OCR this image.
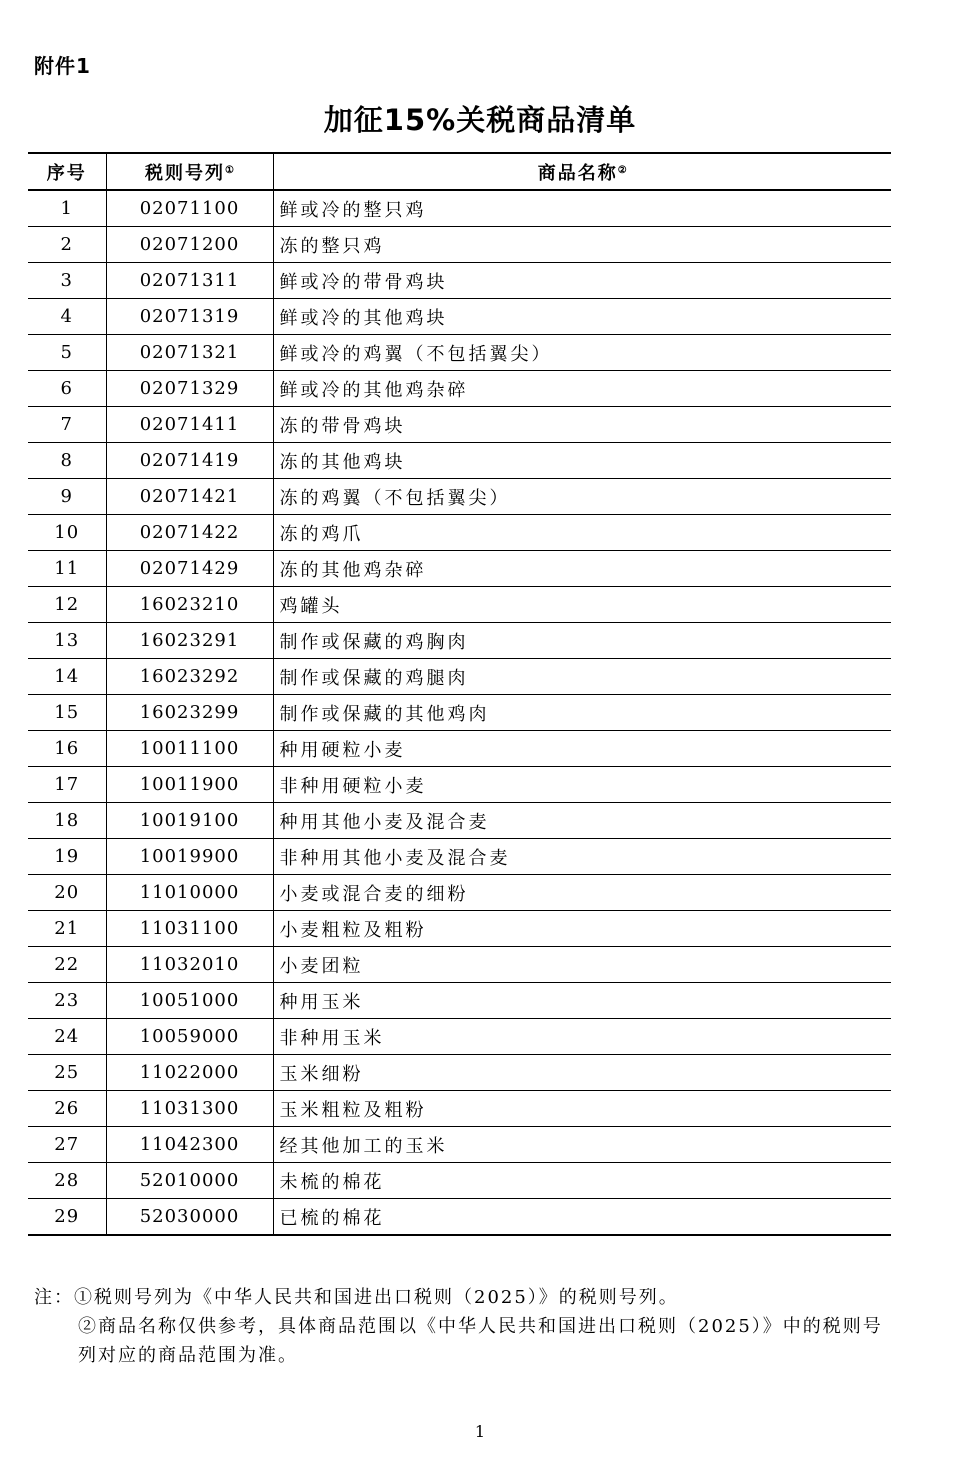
附件1
加征15%关税商品清单
序号	税则号列①	商品名称②
1	02071100	鲜或冷的整只鸡
2	02071200	冻的整只鸡
3	02071311	鲜或冷的带骨鸡块
4	02071319	鲜或冷的其他鸡块
5	02071321	鲜或冷的鸡翼（不包括翼尖）
6	02071329	鲜或冷的其他鸡杂碎
7	02071411	冻的带骨鸡块
8	02071419	冻的其他鸡块
9	02071421	冻的鸡翼（不包括翼尖）
10	02071422	冻的鸡爪
11	02071429	冻的其他鸡杂碎
12	16023210	鸡罐头
13	16023291	制作或保藏的鸡胸肉
14	16023292	制作或保藏的鸡腿肉
15	16023299	制作或保藏的其他鸡肉
16	10011100	种用硬粒小麦
17	10011900	非种用硬粒小麦
18	10019100	种用其他小麦及混合麦
19	10019900	非种用其他小麦及混合麦
20	11010000	小麦或混合麦的细粉
21	11031100	小麦粗粒及粗粉
22	11032010	小麦团粒
23	10051000	种用玉米
24	10059000	非种用玉米
25	11022000	玉米细粉
26	11031300	玉米粗粒及粗粉
27	11042300	经其他加工的玉米
28	52010000	未梳的棉花
29	52030000	已梳的棉花
注：①税则号列为《中华人民共和国进出口税则（2025）》的税则号列。
②商品名称仅供参考，具体商品范围以《中华人民共和国进出口税则（2025）》中的税则号列对应的商品范围为准。
1
